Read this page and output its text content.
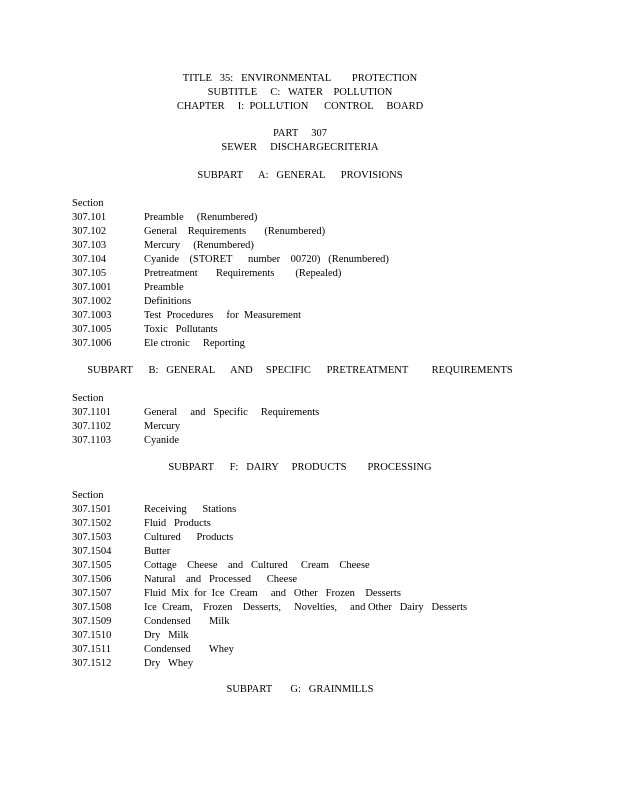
TITLE   35:   ENVIRONMENTAL        PROTECTION
SUBTITLE     C:   WATER    POLLUTION
CHAPTER     I:  POLLUTION      CONTROL     BOARD
PART     307
SEWER     DISCHARGECRITERIA
SUBPART      A:   GENERAL      PROVISIONS
Section
307.101	Preamble     (Renumbered)
307.102	General    Requirements       (Renumbered)
307.103	Mercury     (Renumbered)
307.104	Cyanide    (STORET      number    00720)   (Renumbered)
307.105	Pretreatment       Requirements        (Repealed)
307.1001	Preamble
307.1002	Definitions
307.1003	Test  Procedures     for  Measurement
307.1005	Toxic   Pollutants
307.1006	Ele ctronic     Reporting
SUBPART      B:   GENERAL      AND     SPECIFIC      PRETREATMENT         REQUIREMENTS
Section
307.1101	General     and   Specific     Requirements
307.1102	Mercury
307.1103	Cyanide
SUBPART      F:   DAIRY     PRODUCTS        PROCESSING
Section
307.1501	Receiving      Stations
307.1502	Fluid   Products
307.1503	Cultured      Products
307.1504	Butter
307.1505	Cottage    Cheese    and   Cultured     Cream    Cheese
307.1506	Natural    and   Processed      Cheese
307.1507	Fluid  Mix  for  Ice  Cream     and   Other   Frozen    Desserts
307.1508	Ice  Cream,    Frozen    Desserts,     Novelties,     and Other   Dairy   Desserts
307.1509	Condensed       Milk
307.1510	Dry   Milk
307.1511	Condensed       Whey
307.1512	Dry   Whey
SUBPART       G:   GRAINMILLS
